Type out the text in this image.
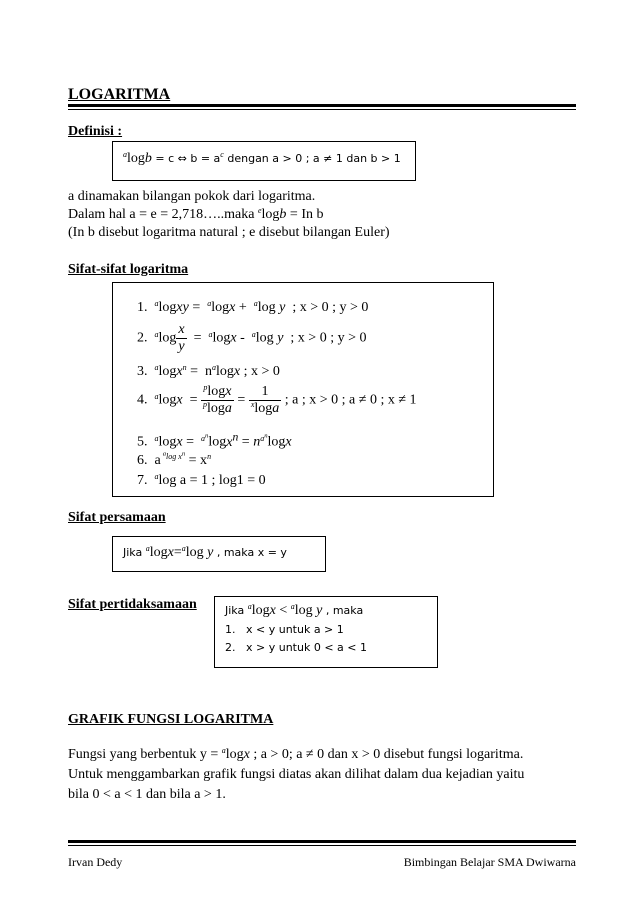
LOGARITMA
Definisi :
$^a$logb = c ⇔ $b = a^c$ dengan a > 0 ; a ≠ 1 dan b > 1
a dinamakan bilangan pokok dari logaritma.
Dalam hal a = e = 2,718…..maka $^e$logb = In b
(In b disebut logaritma natural ; e disebut bilangan Euler)
Sifat-sifat logaritma
1. $^a$logxy =  $^a$logx +  $^a$log y ; x > 0 ; y > 0
2. $^a\log \frac{x}{y} = ^a\log x - ^a\log$ y ; x > 0 ; y > 0
3. $^a\log x^n = n^a\log x$ ; x > 0
4. $^a\log x = \frac{^p\log x}{^p\log a} = \frac{1}{^x\log a}$ ; a ; x > 0 ; a ≠ 0 ; x ≠ 1
5. $^a\log x = ^{a^n}\log x^n = n^{a^n}\log x$
6.  a $^{^alog x^n} = x^n$
7. $^a$log a = 1 ; log1 = 0
Sifat persamaan
Jika $^a$logx=$^a$log y , maka x = y
Sifat pertidaksamaan	Jika $^a$logx < $^a$log y , maka
1. x < y untuk a > 1
2. x > y untuk 0 < a < 1
GRAFIK FUNGSI LOGARITMA
Fungsi yang berbentuk y = $^a$logx ; a > 0; a ≠ 0 dan x > 0 disebut fungsi logaritma.
Untuk menggambarkan grafik fungsi diatas akan dilihat dalam dua kejadian yaitu
bila 0 < a < 1 dan bila a > 1.
Irvan Dedy	Bimbingan Belajar SMA Dwiwarna
